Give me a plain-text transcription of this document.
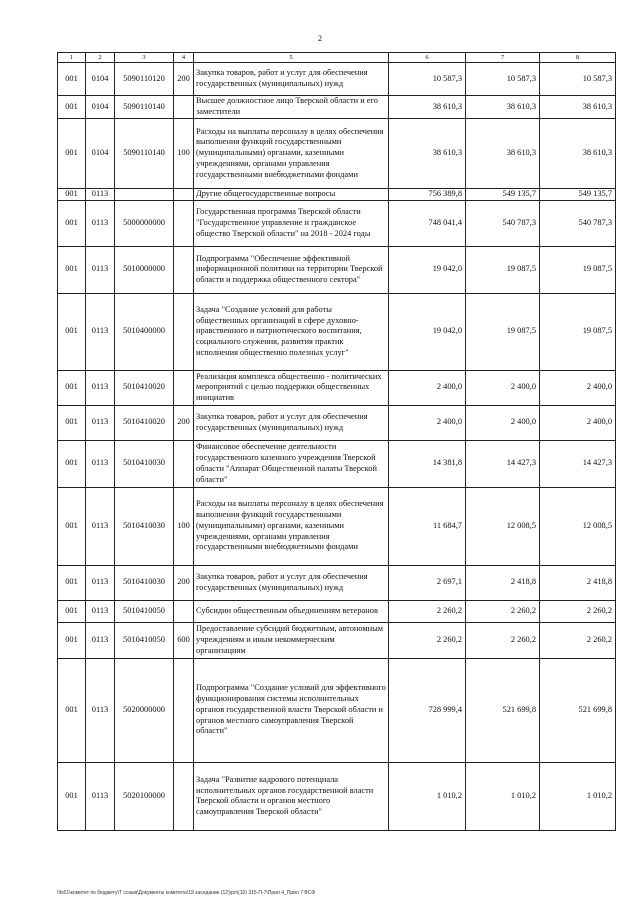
2
1	2	3	4	5	6	7	8
001	0104	5090110120	200	Закупка товаров, работ и услуг для обеспечения государственных (муниципальных) нужд	10 587,3	10 587,3	10 587,3
001	0104	5090110140		Высшее должностное лицо Тверской области и его заместители	38 610,3	38 610,3	38 610,3
001	0104	5090110140	100	Расходы на выплаты персоналу в целях обеспечения выполнения функций государственными (муниципальными) органами, казенными учреждениями, органами управления государственными внебюджетными фондами	38 610,3	38 610,3	38 610,3
001	0113			Другие общегосударственные вопросы	756 389,8	549 135,7	549 135,7
001	0113	5000000000		Государственная программа Тверской области "Государственное управление и гражданское общество Тверской области" на 2018 - 2024 годы	748 041,4	540 787,3	540 787,3
001	0113	5010000000		Подпрограмма "Обеспечение эффективной информационной политики на территории Тверской области и поддержка общественного сектора"	19 042,0	19 087,5	19 087,5
001	0113	5010400000		Задача "Создание условий для работы общественных организаций в сфере духовно-нравственного и патриотического воспитания, социального служения, развития практик исполнения общественно полезных услуг"	19 042,0	19 087,5	19 087,5
001	0113	5010410020		Реализация комплекса общественно - политических мероприятий с целью поддержки общественных инициатив	2 400,0	2 400,0	2 400,0
001	0113	5010410020	200	Закупка товаров, работ и услуг для обеспечения государственных (муниципальных) нужд	2 400,0	2 400,0	2 400,0
001	0113	5010410030		Финансовое обеспечение деятельности государственного казенного учреждения Тверской области "Аппарат Общественной палаты Тверской области"	14 381,8	14 427,3	14 427,3
001	0113	5010410030	100	Расходы на выплаты персоналу в целях обеспечения выполнения функций государственными (муниципальными) органами, казенными учреждениями, органами управления государственными внебюджетными фондами	11 684,7	12 008,5	12 008,5
001	0113	5010410030	200	Закупка товаров, работ и услуг для обеспечения государственных (муниципальных) нужд	2 697,1	2 418,8	2 418,8
001	0113	5010410050		Субсидии общественным объединениям ветеранов	2 260,2	2 260,2	2 260,2
001	0113	5010410050	600	Предоставление субсидий бюджетным, автономным учреждениям и иным некоммерческим организациям	2 260,2	2 260,2	2 260,2
001	0113	5020000000		Подпрограмма "Создание условий для эффективного функционирования системы исполнительных органов государственной власти Тверской области и органов местного самоуправления Тверской области"	728 999,4	521 699,8	521 699,8
001	0113	5020100000		Задача "Развитие кадрового потенциала исполнительных органов государственной власти Тверской области и органов местного самоуправления Тверской области"	1 010,2	1 010,2	1 010,2
\\fs01\комитет по бюджету\Т созыв\Документы комитета\19 заседание (12)\рл\(10) 315-П-7\Прил 4_Прил 7 ВСФ
